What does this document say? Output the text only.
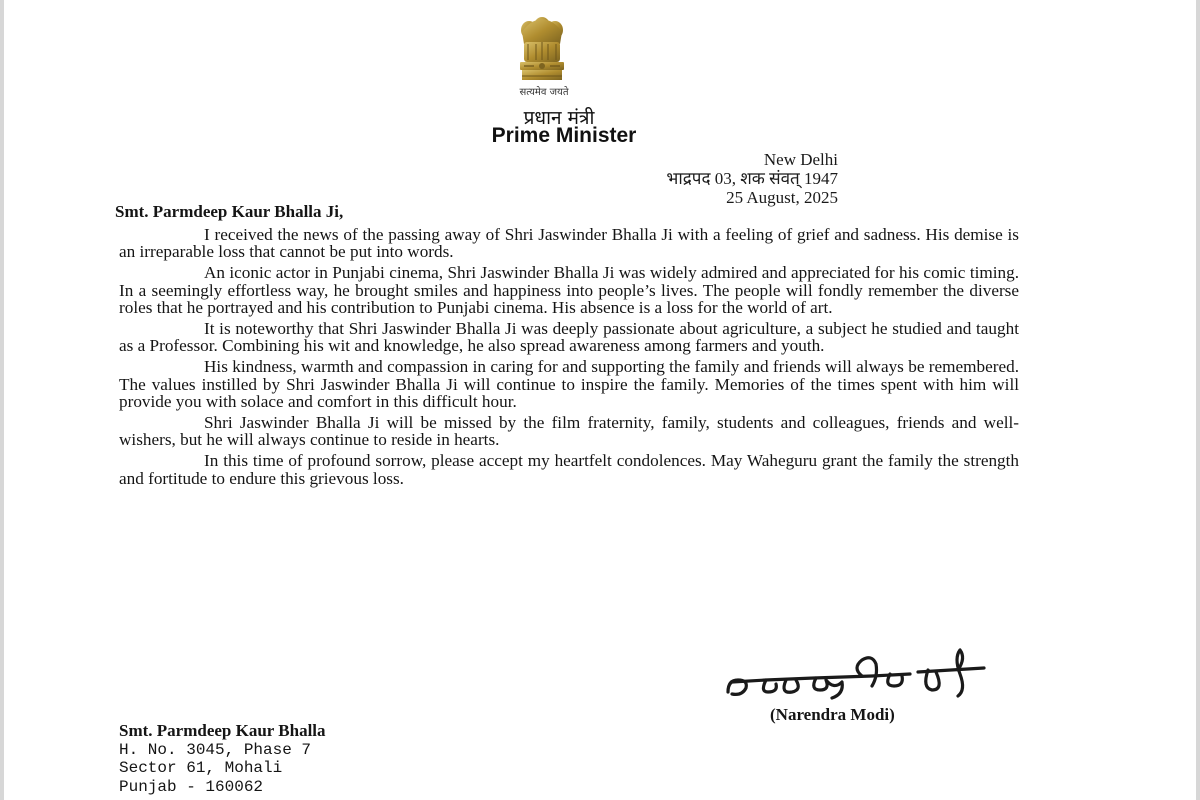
सत्यमेव जयते
प्रधान मंत्री
Prime Minister
New Delhi
भाद्रपद 03, शक संवत् 1947
25 August, 2025
Smt. Parmdeep Kaur Bhalla Ji,

I received the news of the passing away of Shri Jaswinder Bhalla Ji with a feeling of grief and sadness. His demise is an irreparable loss that cannot be put into words.

An iconic actor in Punjabi cinema, Shri Jaswinder Bhalla Ji was widely admired and appreciated for his comic timing. In a seemingly effortless way, he brought smiles and happiness into people’s lives. The people will fondly remember the diverse roles that he portrayed and his contribution to Punjabi cinema. His absence is a loss for the world of art.

It is noteworthy that Shri Jaswinder Bhalla Ji was deeply passionate about agriculture, a subject he studied and taught as a Professor. Combining his wit and knowledge, he also spread awareness among farmers and youth.

His kindness, warmth and compassion in caring for and supporting the family and friends will always be remembered. The values instilled by Shri Jaswinder Bhalla Ji will continue to inspire the family. Memories of the times spent with him will provide you with solace and comfort in this difficult hour.

Shri Jaswinder Bhalla Ji will be missed by the film fraternity, family, students and colleagues, friends and well-wishers, but he will always continue to reside in hearts.

In this time of profound sorrow, please accept my heartfelt condolences. May Waheguru grant the family the strength and fortitude to endure this grievous loss.

(Narendra Modi)
Smt. Parmdeep Kaur Bhalla
H. No. 3045, Phase 7
Sector 61, Mohali
Punjab - 160062
